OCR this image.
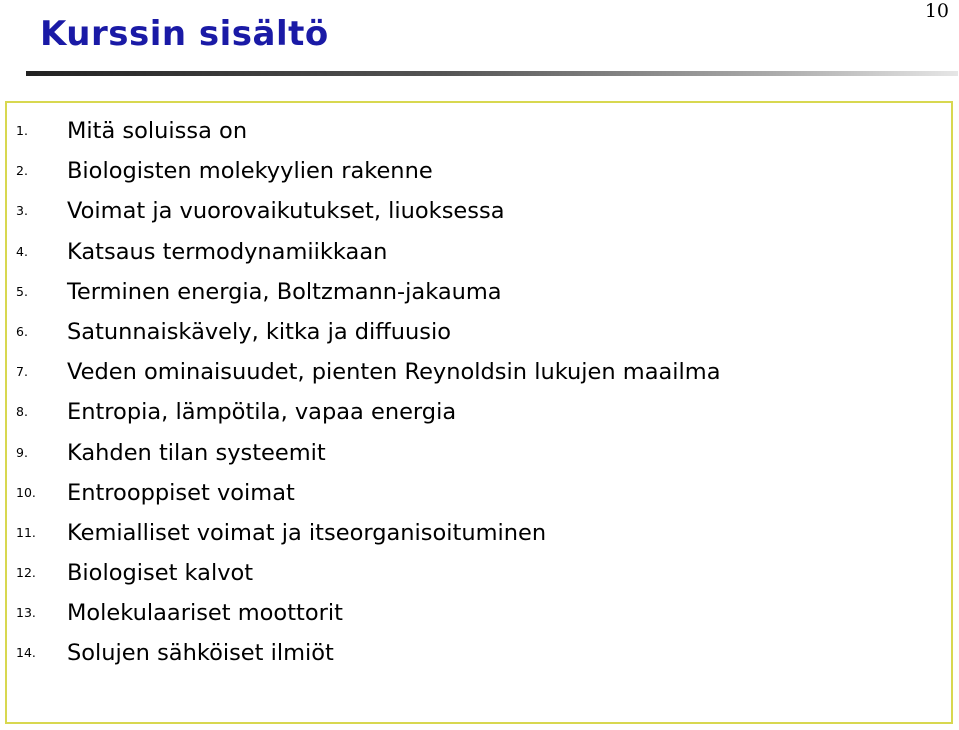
10
Kurssin sisältö
1.	Mitä soluissa on
2.	Biologisten molekyylien rakenne
3.	Voimat ja vuorovaikutukset, liuoksessa
4.	Katsaus termodynamiikkaan
5.	Terminen energia, Boltzmann-jakauma
6.	Satunnaiskävely, kitka ja diffuusio
7.	Veden ominaisuudet, pienten Reynoldsin lukujen maailma
8.	Entropia, lämpötila, vapaa energia
9.	Kahden tilan systeemit
10.	Entrooppiset voimat
11.	Kemialliset voimat ja itseorganisoituminen
12.	Biologiset kalvot
13.	Molekulaariset moottorit
14.	Solujen sähköiset ilmiöt
